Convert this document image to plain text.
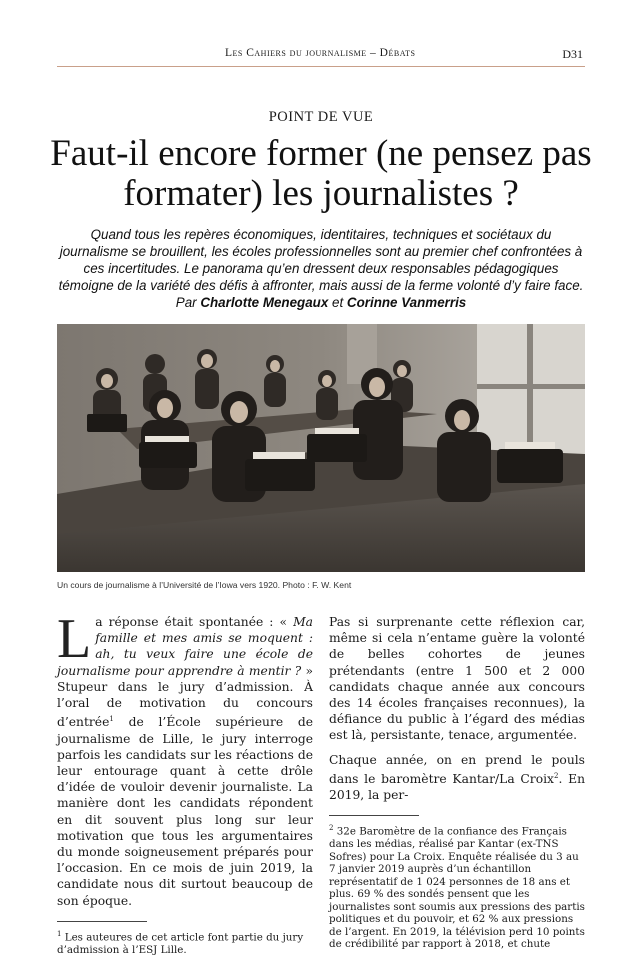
Les Cahiers du journalisme – Débats	D31
POINT DE VUE
Faut-il encore former (ne pensez pas formater) les journalistes ?
Quand tous les repères économiques, identitaires, techniques et sociétaux du journalisme se brouillent, les écoles professionnelles sont au premier chef confrontées à ces incertitudes. Le panorama qu’en dressent deux responsables pédagogiques témoigne de la variété des défis à affronter, mais aussi de la ferme volonté d’y faire face. Par Charlotte Menegaux et Corinne Vanmerris
Un cours de journalisme à l’Université de l’Iowa vers 1920. Photo : F. W. Kent

La réponse était spontanée : « Ma famille et mes amis se moquent : ah, tu veux faire une école de journalisme pour apprendre à mentir ? » Stupeur dans le jury d’admission. À l’oral de motivation du concours d’entrée$^1$ de l’École supérieure de journalisme de Lille, le jury interroge parfois les candidats sur les réactions de leur entourage quant à cette drôle d’idée de vouloir devenir journaliste. La manière dont les candidats répondent en dit souvent plus long sur leur motivation que tous les argumentaires du monde soigneusement préparés pour l’occasion. En ce mois de juin 2019, la candidate nous dit surtout beaucoup de son époque.

$^1$ Les auteures de cet article font partie du jury d’admission à l’ESJ Lille.

Pas si surprenante cette réflexion car, même si cela n’entame guère la volonté de belles cohortes de jeunes prétendants (entre 1 500 et 2 000 candidats chaque année aux concours des 14 écoles françaises reconnues), la défiance du public à l’égard des médias est là, persistante, tenace, argumentée.

Chaque année, on en prend le pouls dans le baromètre Kantar/La Croix$^2$. En 2019, la per-

$^2$ 32e Baromètre de la confiance des Français dans les médias, réalisé par Kantar (ex-TNS Sofres) pour La Croix. Enquête réalisée du 3 au 7 janvier 2019 auprès d’un échantillon représentatif de 1 024 personnes de 18 ans et plus. 69 % des sondés pensent que les journalistes sont soumis aux pressions des partis politiques et du pouvoir, et 62 % aux pressions de l’argent. En 2019, la télévision perd 10 points de crédibilité par rapport à 2018, et chute
